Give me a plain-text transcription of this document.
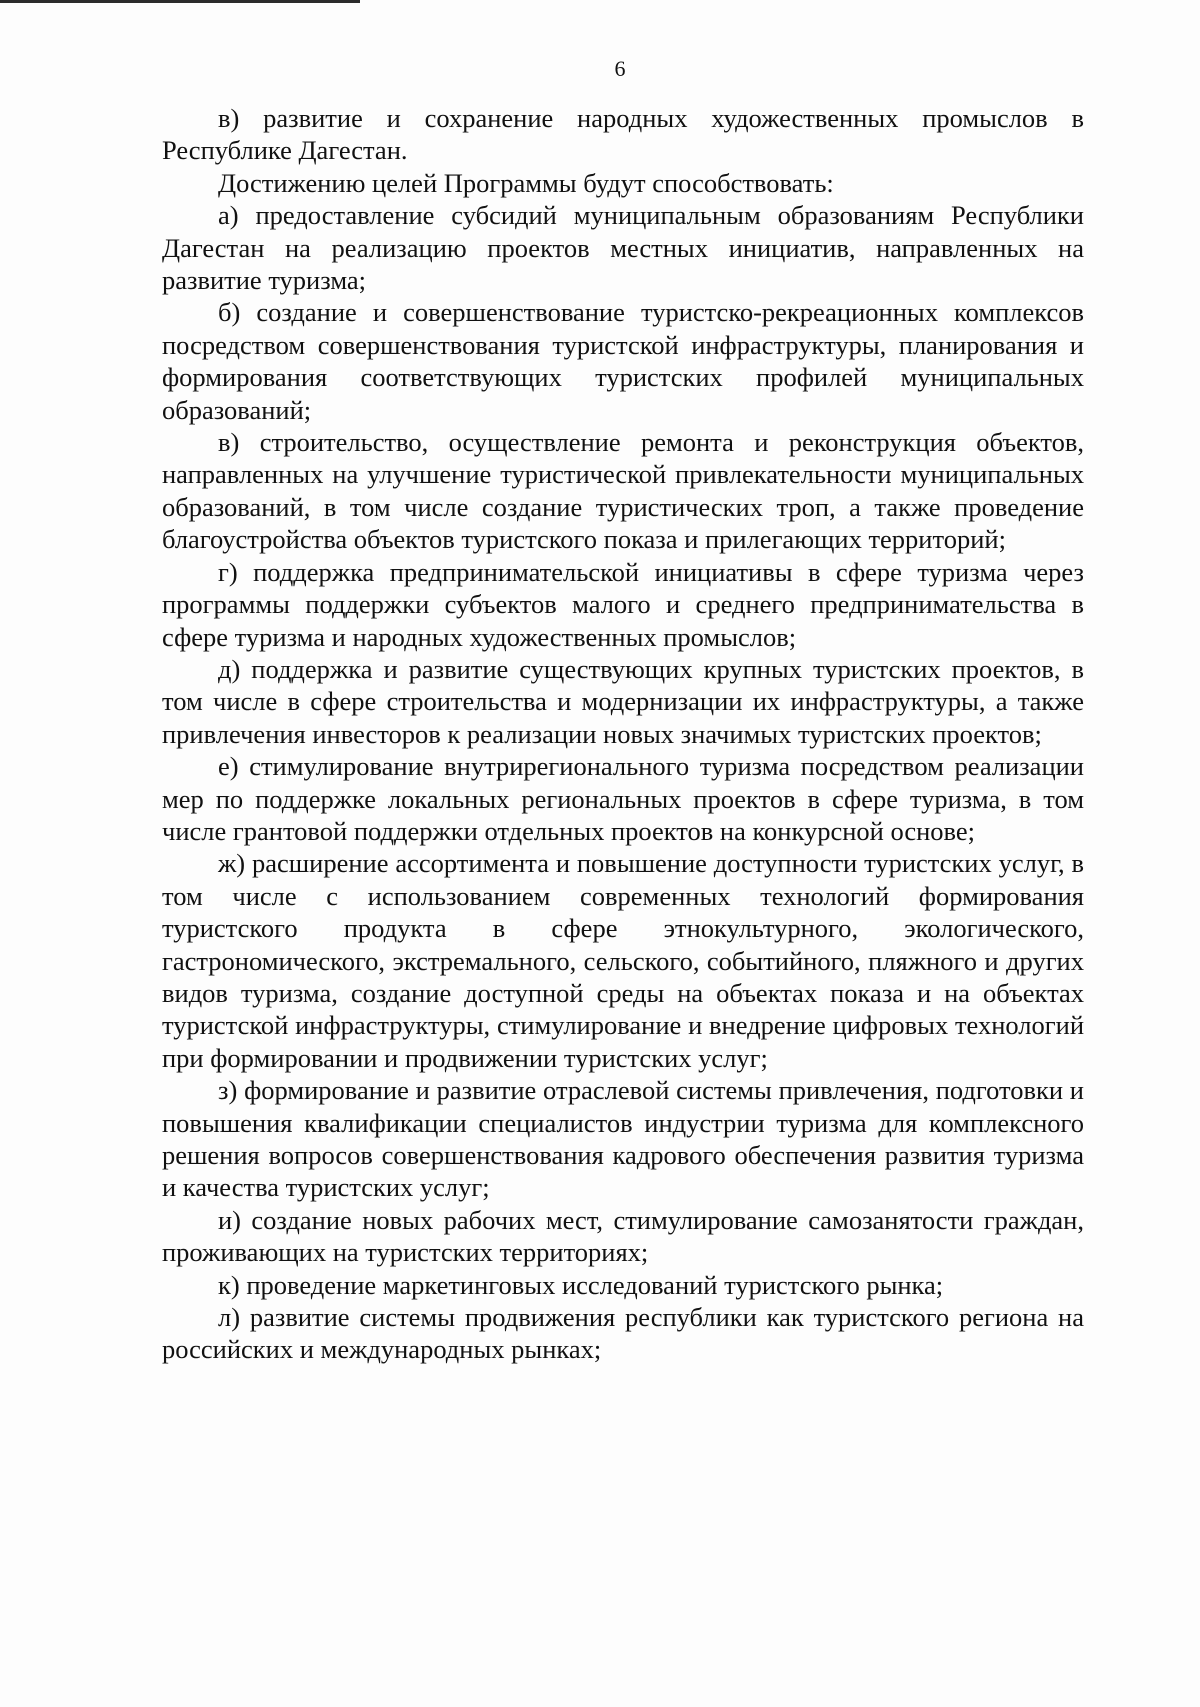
6

в) развитие и сохранение народных художественных промыслов в Республике Дагестан.

Достижению целей Программы будут способствовать:

а) предоставление субсидий муниципальным образованиям Республики Дагестан на реализацию проектов местных инициатив, направленных на развитие туризма;

б) создание и совершенствование туристско-рекреационных комплексов посредством совершенствования туристской инфраструктуры, планирования и формирования соответствующих туристских профилей муниципальных образований;

в) строительство, осуществление ремонта и реконструкция объектов, направленных на улучшение туристической привлекательности муниципальных образований, в том числе создание туристических троп, а также проведение благоустройства объектов туристского показа и прилегающих территорий;

г) поддержка предпринимательской инициативы в сфере туризма через программы поддержки субъектов малого и среднего предпринимательства в сфере туризма и народных художественных промыслов;

д) поддержка и развитие существующих крупных туристских проектов, в том числе в сфере строительства и модернизации их инфраструктуры, а также привлечения инвесторов к реализации новых значимых туристских проектов;

е) стимулирование внутрирегионального туризма посредством реализации мер по поддержке локальных региональных проектов в сфере туризма, в том числе грантовой поддержки отдельных проектов на конкурсной основе;

ж) расширение ассортимента и повышение доступности туристских услуг, в том числе с использованием современных технологий формирования туристского продукта в сфере этнокультурного, экологического, гастрономического, экстремального, сельского, событийного, пляжного и других видов туризма, создание доступной среды на объектах показа и на объектах туристской инфраструктуры, стимулирование и внедрение цифровых технологий при формировании и продвижении туристских услуг;

з) формирование и развитие отраслевой системы привлечения, подготовки и повышения квалификации специалистов индустрии туризма для комплексного решения вопросов совершенствования кадрового обеспечения развития туризма и качества туристских услуг;

и) создание новых рабочих мест, стимулирование самозанятости граждан, проживающих на туристских территориях;

к) проведение маркетинговых исследований туристского рынка;

л) развитие системы продвижения республики как туристского региона на российских и международных рынках;
